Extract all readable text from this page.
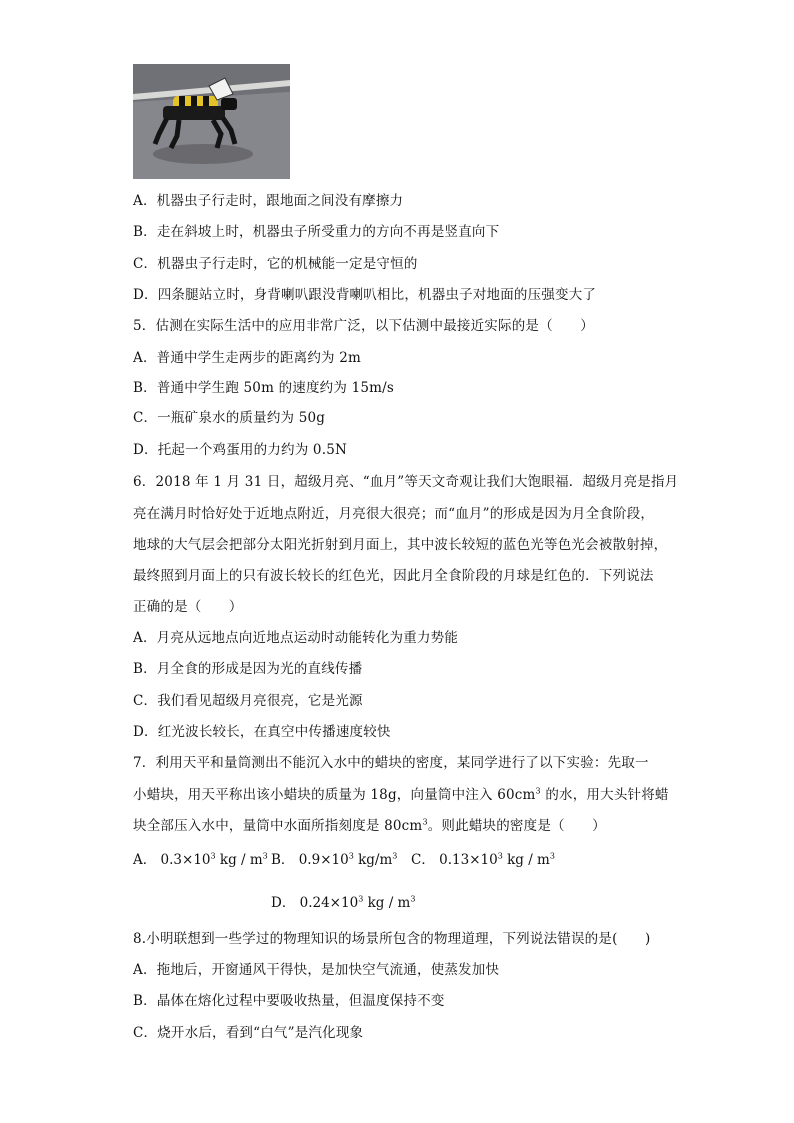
A．机器虫子行走时，跟地面之间没有摩擦力
B．走在斜坡上时，机器虫子所受重力的方向不再是竖直向下
C．机器虫子行走时，它的机械能一定是守恒的
D．四条腿站立时，身背喇叭跟没背喇叭相比，机器虫子对地面的压强变大了
5．估测在实际生活中的应用非常广泛，以下估测中最接近实际的是（　　）
A．普通中学生走两步的距离约为 2m
B．普通中学生跑 50m 的速度约为 15m/s
C．一瓶矿泉水的质量约为 50g
D．托起一个鸡蛋用的力约为 0.5N
6．2018 年 1 月 31 日，超级月亮、“血月”等天文奇观让我们大饱眼福．超级月亮是指月
亮在满月时恰好处于近地点附近，月亮很大很亮；而“血月”的形成是因为月全食阶段，
地球的大气层会把部分太阳光折射到月面上，其中波长较短的蓝色光等色光会被散射掉，
最终照到月面上的只有波长较长的红色光，因此月全食阶段的月球是红色的．下列说法
正确的是（　　）
A．月亮从远地点向近地点运动时动能转化为重力势能
B．月全食的形成是因为光的直线传播
C．我们看见超级月亮很亮，它是光源
D．红光波长较长，在真空中传播速度较快
7．利用天平和量筒测出不能沉入水中的蜡块的密度，某同学进行了以下实验：先取一
小蜡块，用天平称出该小蜡块的质量为 18g，向量筒中注入 $60cm^3$ 的水，用大头针将蜡
块全部压入水中，量筒中水面所指刻度是 $80cm^3$。则此蜡块的密度是（　　）
A． $0.3\times 10^3$ kg / $m^3$ B． $0.9\times 10^3$ $kg/m^3$ C． $0.13\times 10^3$ kg / $m^3$
D． $0.24\times 10^3$ kg / $m^3$
8.小明联想到一些学过的物理知识的场景所包含的物理道理，下列说法错误的是(　　)
A．拖地后，开窗通风干得快，是加快空气流通，使蒸发加快
B．晶体在熔化过程中要吸收热量，但温度保持不变
C．烧开水后，看到“白气”是汽化现象
